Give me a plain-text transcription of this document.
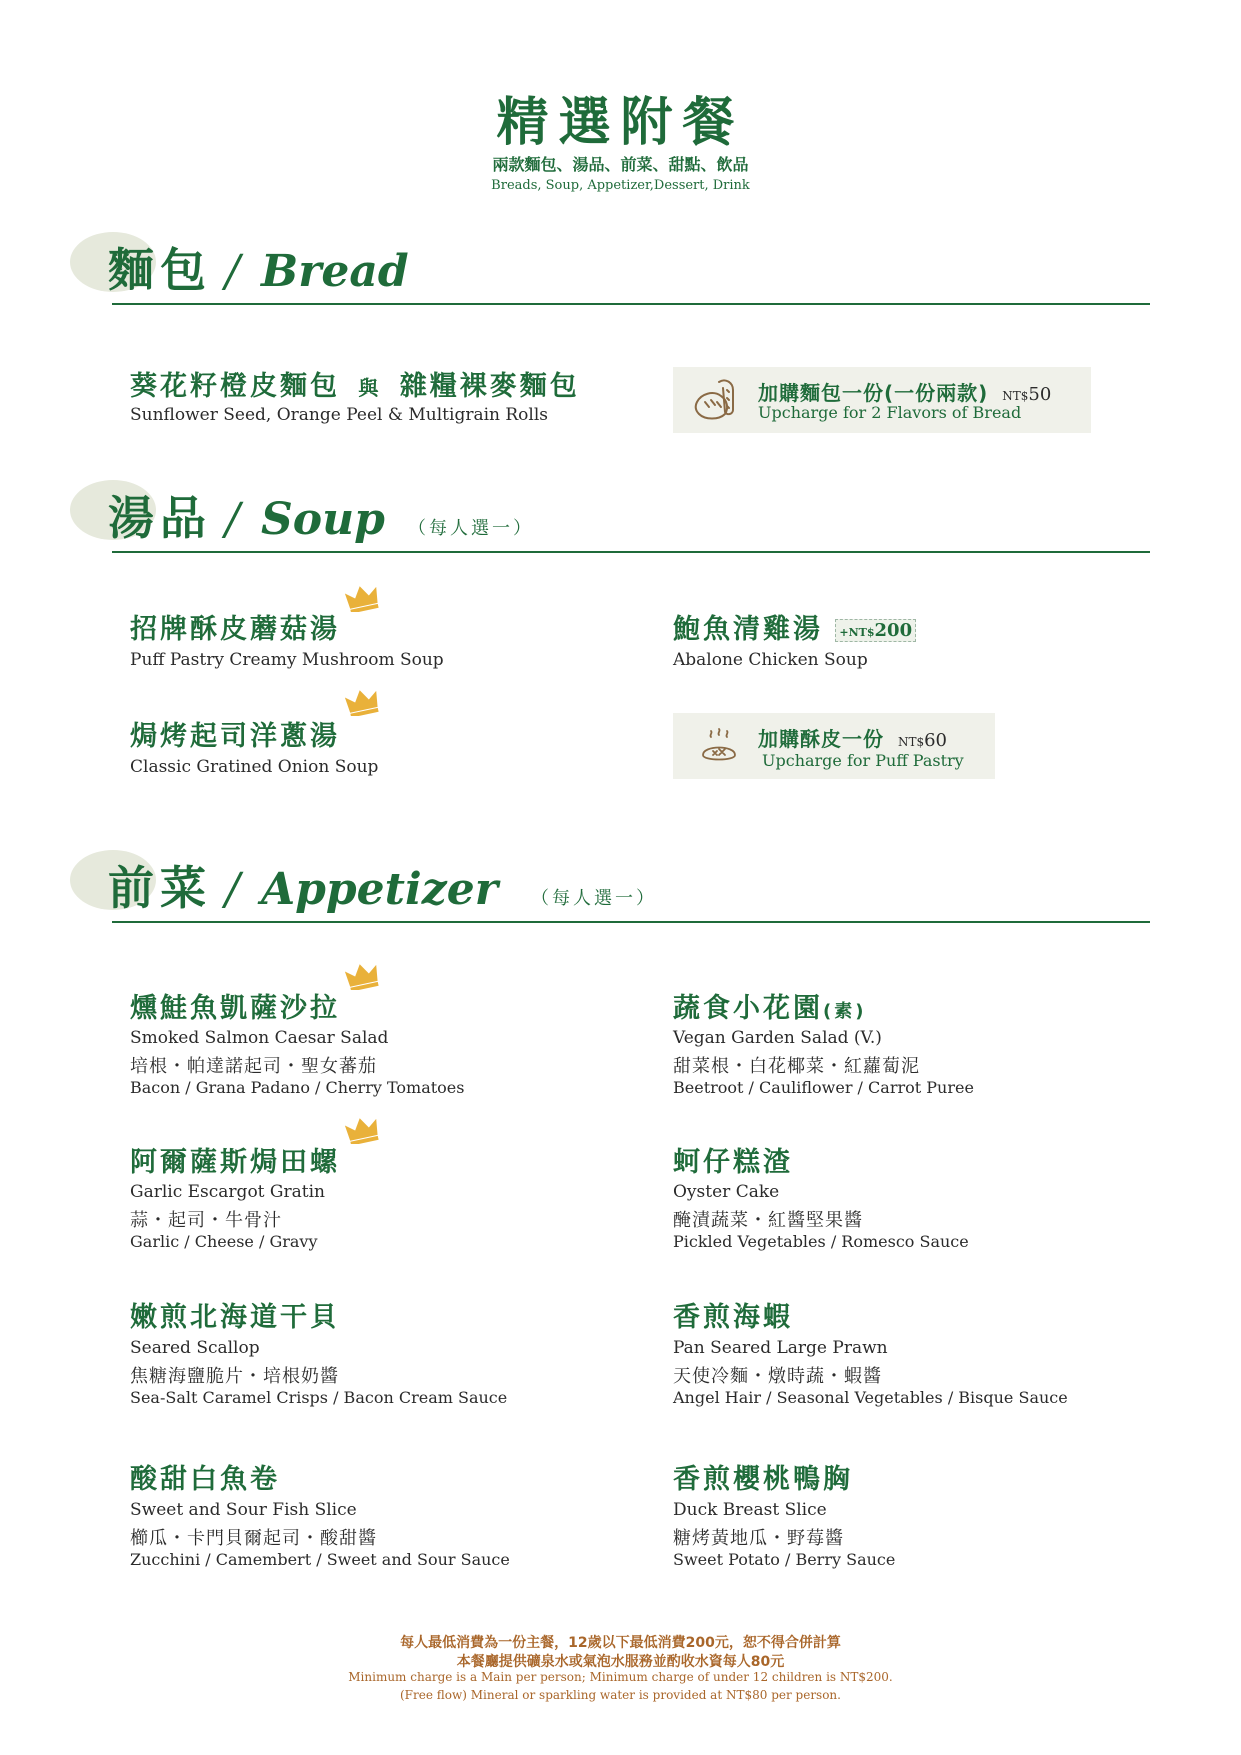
精選附餐
兩款麵包、湯品、前菜、甜點、飲品
Breads, Soup, Appetizer,Dessert, Drink
麵包 / Bread
葵花籽橙皮麵包 與 雜糧裸麥麵包
Sunflower Seed, Orange Peel & Multigrain Rolls
加購麵包一份(一份兩款) NT$50
Upcharge for 2 Flavors of Bread
湯品 / Soup （每人選一）
招牌酥皮蘑菇湯
Puff Pastry Creamy Mushroom Soup
焗烤起司洋蔥湯
Classic Gratined Onion Soup
鮑魚清雞湯 +NT$200
Abalone Chicken Soup
加購酥皮一份 NT$60
Upcharge for Puff Pastry
前菜 / Appetizer （每人選一）
燻鮭魚凱薩沙拉
Smoked Salmon Caesar Salad
培根・帕達諾起司・聖女蕃茄
Bacon / Grana Padano / Cherry Tomatoes
蔬食小花園(素)
Vegan Garden Salad (V.)
甜菜根・白花椰菜・紅蘿蔔泥
Beetroot / Cauliflower / Carrot Puree
阿爾薩斯焗田螺
Garlic Escargot Gratin
蒜・起司・牛骨汁
Garlic / Cheese / Gravy
蚵仔糕渣
Oyster Cake
醃漬蔬菜・紅醬堅果醬
Pickled Vegetables / Romesco Sauce
嫩煎北海道干貝
Seared Scallop
焦糖海鹽脆片・培根奶醬
Sea-Salt Caramel Crisps / Bacon Cream Sauce
香煎海蝦
Pan Seared Large Prawn
天使冷麵・燉時蔬・蝦醬
Angel Hair / Seasonal Vegetables / Bisque Sauce
酸甜白魚卷
Sweet and Sour Fish Slice
櫛瓜・卡門貝爾起司・酸甜醬
Zucchini / Camembert / Sweet and Sour Sauce
香煎櫻桃鴨胸
Duck Breast Slice
糖烤黃地瓜・野莓醬
Sweet Potato / Berry Sauce
每人最低消費為一份主餐，12歲以下最低消費200元，恕不得合併計算
本餐廳提供礦泉水或氣泡水服務並酌收水資每人80元
Minimum charge is a Main per person; Minimum charge of under 12 children is NT$200.
(Free flow) Mineral or sparkling water is provided at NT$80 per person.
